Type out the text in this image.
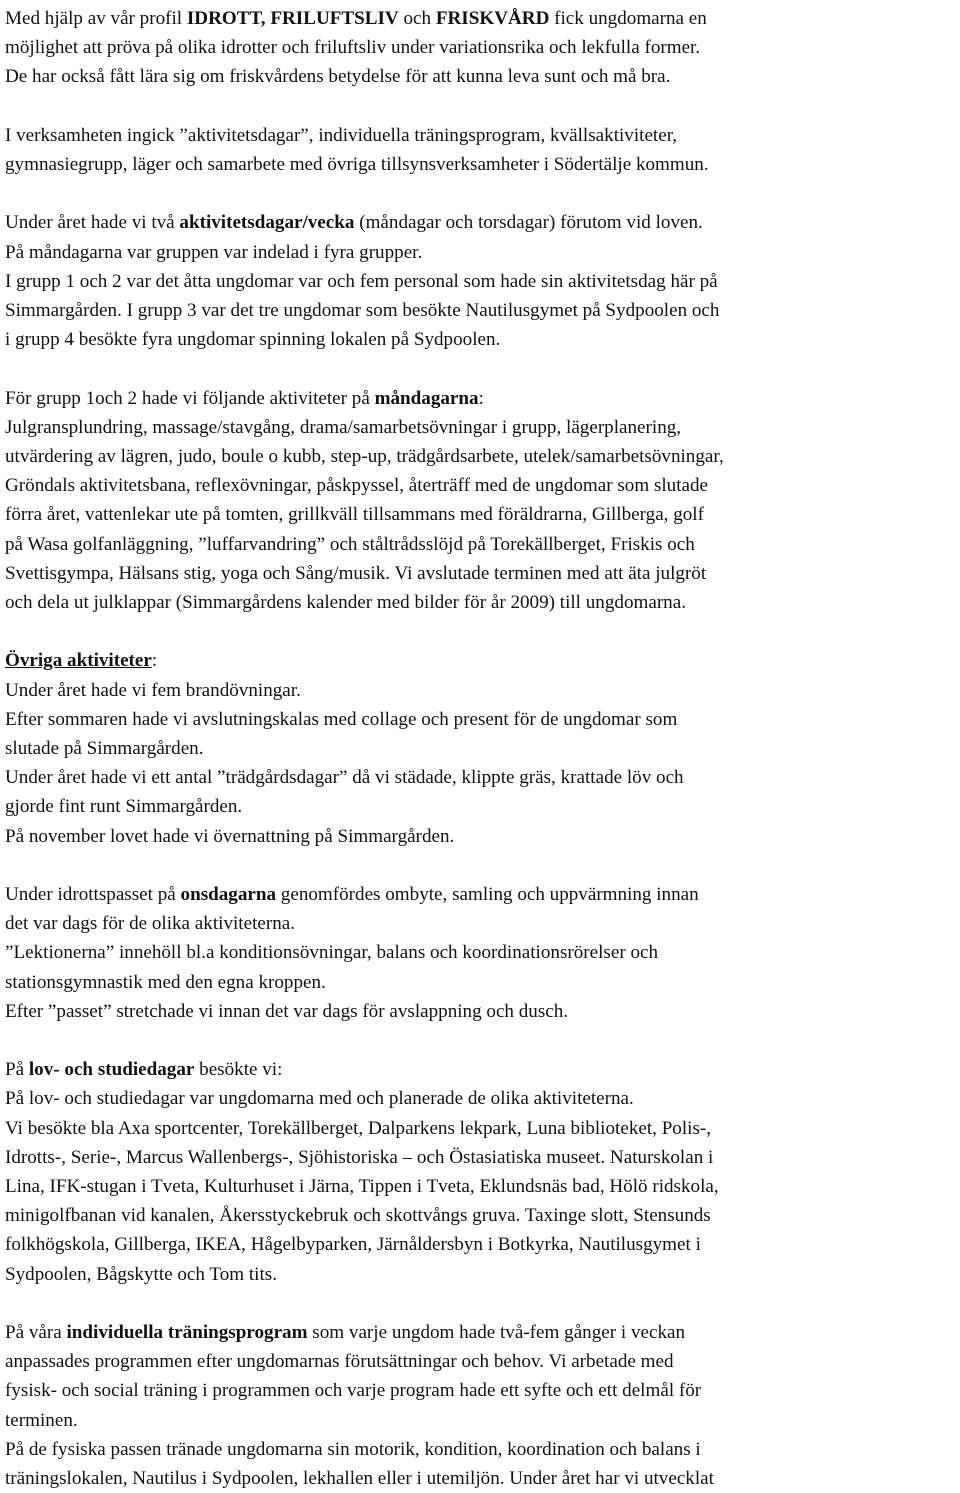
Med hjälp av vår profil IDROTT, FRILUFTSLIV och FRISKVÅRD fick ungdomarna en

möjlighet att pröva på olika idrotter och friluftsliv under variationsrika och lekfulla former.

De har också fått lära sig om friskvårdens betydelse för att kunna leva sunt och må bra.

I verksamheten ingick ”aktivitetsdagar”, individuella träningsprogram, kvällsaktiviteter,

gymnasiegrupp, läger och samarbete med övriga tillsynsverksamheter i Södertälje kommun.

Under året hade vi två aktivitetsdagar/vecka (måndagar och torsdagar) förutom vid loven.

På måndagarna var gruppen var indelad i fyra grupper.

I grupp 1 och 2 var det åtta ungdomar var och fem personal som hade sin aktivitetsdag här på

Simmargården. I grupp 3 var det tre ungdomar som besökte Nautilusgymet på Sydpoolen och

i grupp 4 besökte fyra ungdomar spinning lokalen på Sydpoolen.

För grupp 1och 2 hade vi följande aktiviteter på måndagarna:

Julgransplundring, massage/stavgång, drama/samarbetsövningar i grupp, lägerplanering,

utvärdering av lägren, judo, boule o kubb, step-up, trädgårdsarbete, utelek/samarbetsövningar,

Gröndals aktivitetsbana, reflexövningar, påskpyssel, återträff med de ungdomar som slutade

förra året, vattenlekar ute på tomten, grillkväll tillsammans med föräldrarna, Gillberga, golf

på Wasa golfanläggning, ”luffarvandring” och ståltrådsslöjd på Torekällberget, Friskis och

Svettisgympa, Hälsans stig, yoga och Sång/musik. Vi avslutade terminen med att äta julgröt

och dela ut julklappar (Simmargårdens kalender med bilder för år 2009) till ungdomarna.

Övriga aktiviteter:

Under året hade vi fem brandövningar.

Efter sommaren hade vi avslutningskalas med collage och present för de ungdomar som

slutade på Simmargården.

Under året hade vi ett antal ”trädgårdsdagar” då vi städade, klippte gräs, krattade löv och

gjorde fint runt Simmargården.

På november lovet hade vi övernattning på Simmargården.

Under idrottspasset på onsdagarna genomfördes ombyte, samling och uppvärmning innan

det var dags för de olika aktiviteterna.

”Lektionerna” innehöll bl.a konditionsövningar, balans och koordinationsrörelser och

stationsgymnastik med den egna kroppen.

Efter ”passet” stretchade vi innan det var dags för avslappning och dusch.

På lov- och studiedagar besökte vi:

På lov- och studiedagar var ungdomarna med och planerade de olika aktiviteterna.

Vi besökte bla Axa sportcenter, Torekällberget, Dalparkens lekpark, Luna biblioteket, Polis-,

Idrotts-, Serie-, Marcus Wallenbergs-, Sjöhistoriska – och Östasiatiska museet. Naturskolan i

Lina, IFK-stugan i Tveta, Kulturhuset i Järna, Tippen i Tveta, Eklundsnäs bad, Hölö ridskola,

minigolfbanan vid kanalen, Åkersstyckebruk och skottvångs gruva. Taxinge slott, Stensunds

folkhögskola, Gillberga, IKEA, Hågelbyparken, Järnåldersbyn i Botkyrka, Nautilusgymet i

Sydpoolen, Bågskytte och Tom tits.

På våra individuella träningsprogram som varje ungdom hade två-fem gånger i veckan

anpassades programmen efter ungdomarnas förutsättningar och behov. Vi arbetade med

fysisk- och social träning i programmen och varje program hade ett syfte och ett delmål för

terminen.

På de fysiska passen tränade ungdomarna sin motorik, kondition, koordination och balans i

träningslokalen, Nautilus i Sydpoolen, lekhallen eller i utemiljön. Under året har vi utvecklat
